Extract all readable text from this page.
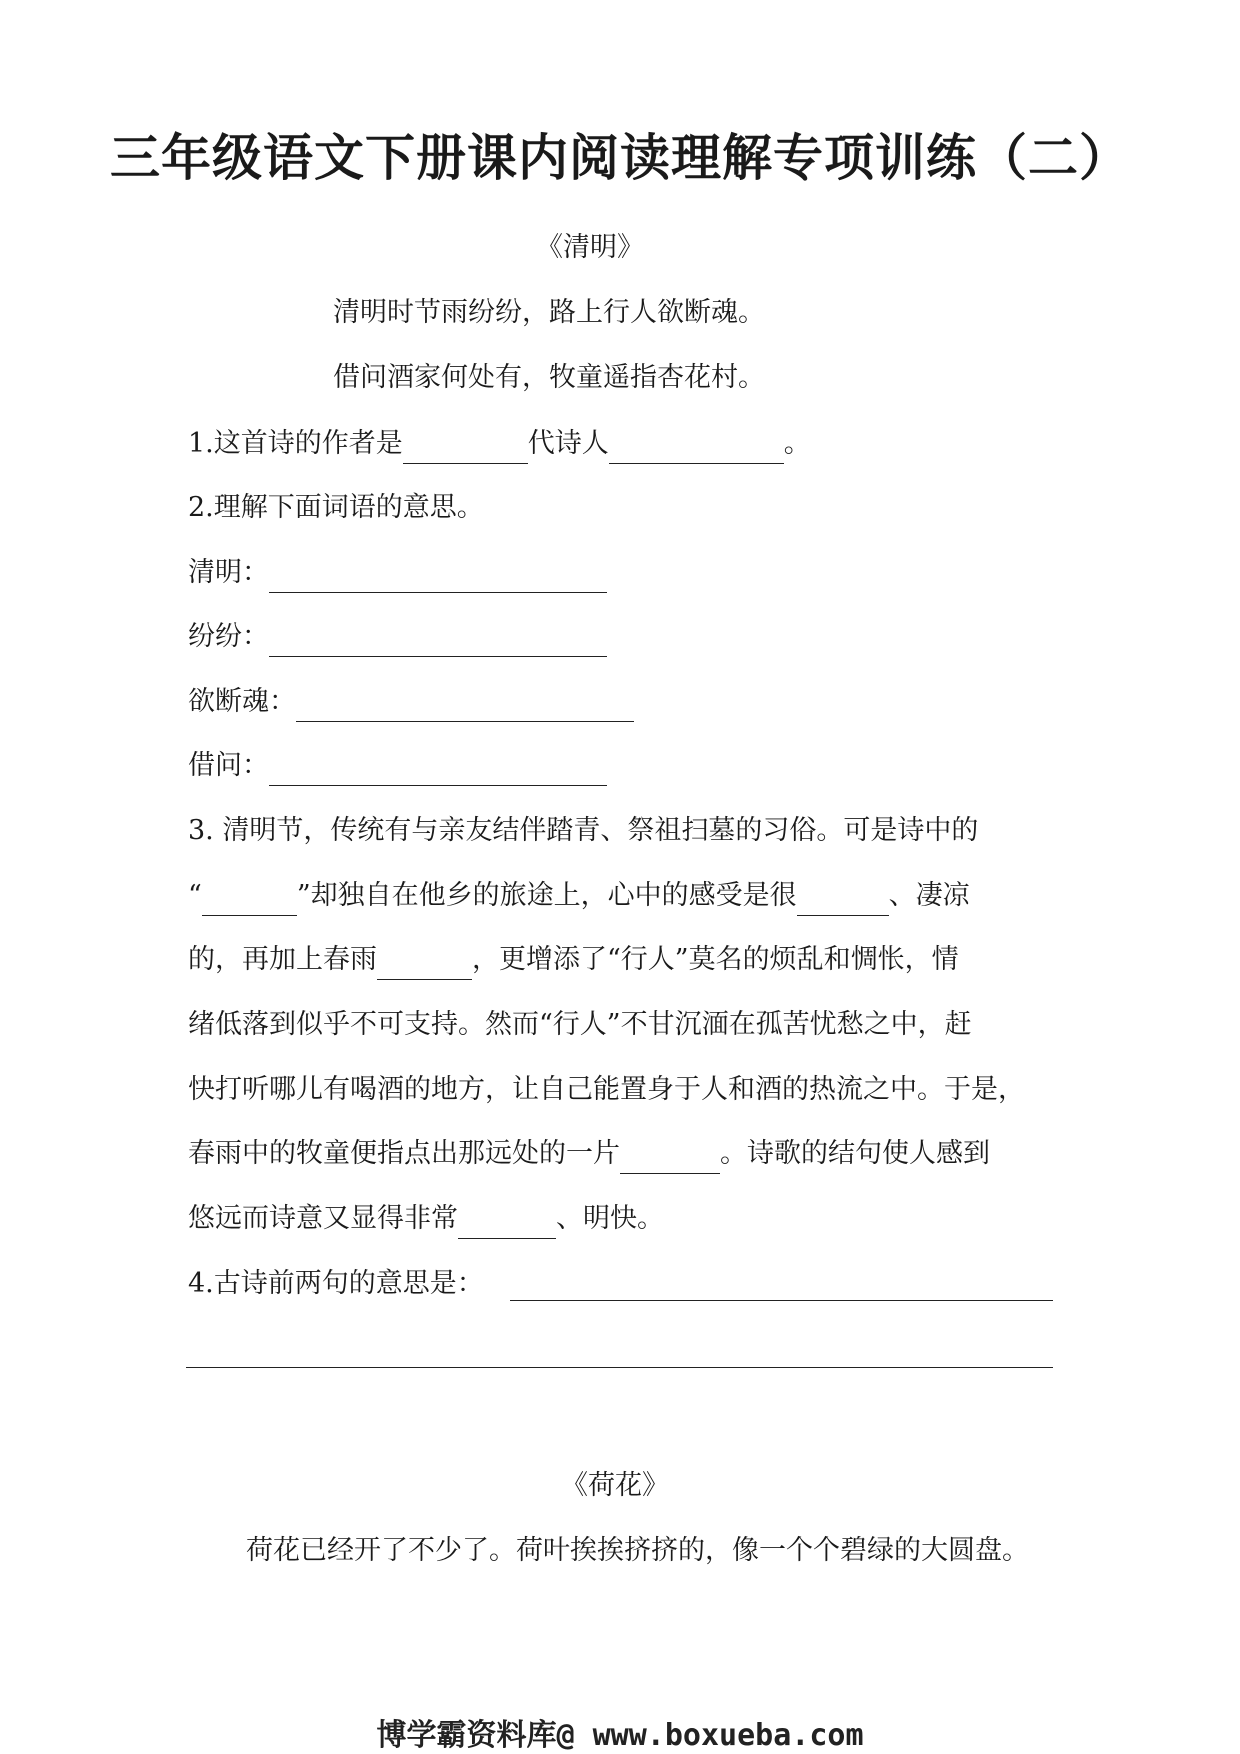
三年级语文下册课内阅读理解专项训练（二）
《清明》
清明时节雨纷纷，路上行人欲断魂。
借问酒家何处有，牧童遥指杏花村。
1.这首诗的作者是	代诗人	。
2.理解下面词语的意思。
清明：
纷纷：
欲断魂：
借问：
3. 清明节，传统有与亲友结伴踏青、祭祖扫墓的习俗。可是诗中的
“	”却独自在他乡的旅途上，心中的感受是很	、凄凉
的，再加上春雨	，更增添了“行人”莫名的烦乱和惆怅，情
绪低落到似乎不可支持。然而“行人”不甘沉湎在孤苦忧愁之中，赶
快打听哪儿有喝酒的地方，让自己能置身于人和酒的热流之中。于是，
春雨中的牧童便指点出那远处的一片	。诗歌的结句使人感到
悠远而诗意又显得非常	、明快。
4.古诗前两句的意思是：
《荷花》
荷花已经开了不少了。荷叶挨挨挤挤的，像一个个碧绿的大圆盘。
博学霸资料库@ www.boxueba.com
